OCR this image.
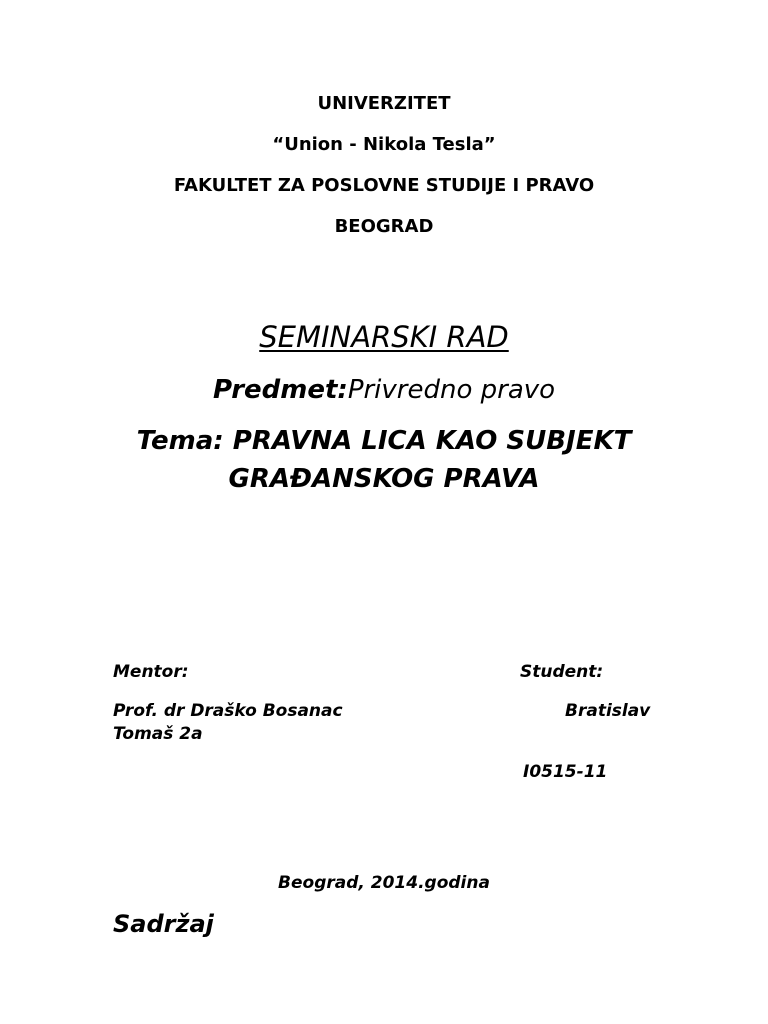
UNIVERZITET

“Union - Nikola Tesla”

FAKULTET ZA POSLOVNE STUDIJE I PRAVO

BEOGRAD

SEMINARSKI RAD

Predmet:Privredno pravo

Tema: PRAVNA LICA KAO SUBJEKT

GRAĐANSKOG PRAVA

Mentor:	Student:

Prof. dr Draško Bosanac	Bratislav

Tomaš 2a

I0515-11

Beograd, 2014.godina

Sadržaj
